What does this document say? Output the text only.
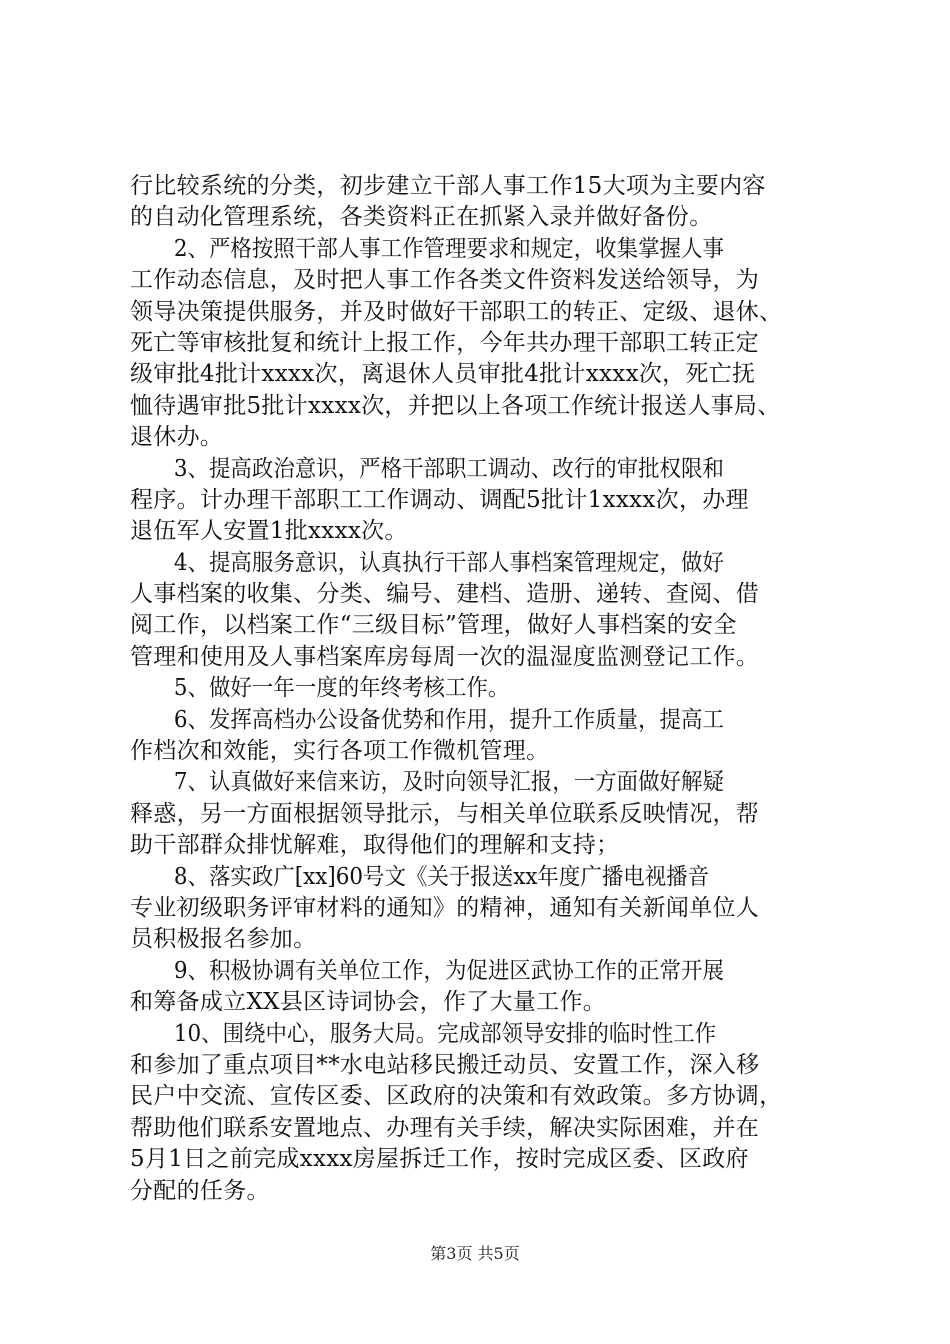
行比较系统的分类，初步建立干部人事工作15大项为主要内容
的自动化管理系统，各类资料正在抓紧入录并做好备份。
2、严格按照干部人事工作管理要求和规定，收集掌握人事
工作动态信息，及时把人事工作各类文件资料发送给领导，为
领导决策提供服务，并及时做好干部职工的转正、定级、退休、
死亡等审核批复和统计上报工作，今年共办理干部职工转正定
级审批4批计xxxx次，离退休人员审批4批计xxxx次，死亡抚
恤待遇审批5批计xxxx次，并把以上各项工作统计报送人事局、
退休办。
3、提高政治意识，严格干部职工调动、改行的审批权限和
程序。计办理干部职工工作调动、调配5批计1xxxx次，办理
退伍军人安置1批xxxx次。
4、提高服务意识，认真执行干部人事档案管理规定，做好
人事档案的收集、分类、编号、建档、造册、递转、查阅、借
阅工作，以档案工作“三级目标”管理，做好人事档案的安全
管理和使用及人事档案库房每周一次的温湿度监测登记工作。
5、做好一年一度的年终考核工作。
6、发挥高档办公设备优势和作用，提升工作质量，提高工
作档次和效能，实行各项工作微机管理。
7、认真做好来信来访，及时向领导汇报，一方面做好解疑
释惑，另一方面根据领导批示，与相关单位联系反映情况，帮
助干部群众排忧解难，取得他们的理解和支持；
8、落实政广[xx]60号文《关于报送xx年度广播电视播音
专业初级职务评审材料的通知》的精神，通知有关新闻单位人
员积极报名参加。
9、积极协调有关单位工作，为促进区武协工作的正常开展
和筹备成立XX县区诗词协会，作了大量工作。
10、围绕中心，服务大局。完成部领导安排的临时性工作
和参加了重点项目**水电站移民搬迁动员、安置工作，深入移
民户中交流、宣传区委、区政府的决策和有效政策。多方协调，
帮助他们联系安置地点、办理有关手续，解决实际困难，并在
5月1日之前完成xxxx房屋拆迁工作，按时完成区委、区政府
分配的任务。
第3页 共5页
